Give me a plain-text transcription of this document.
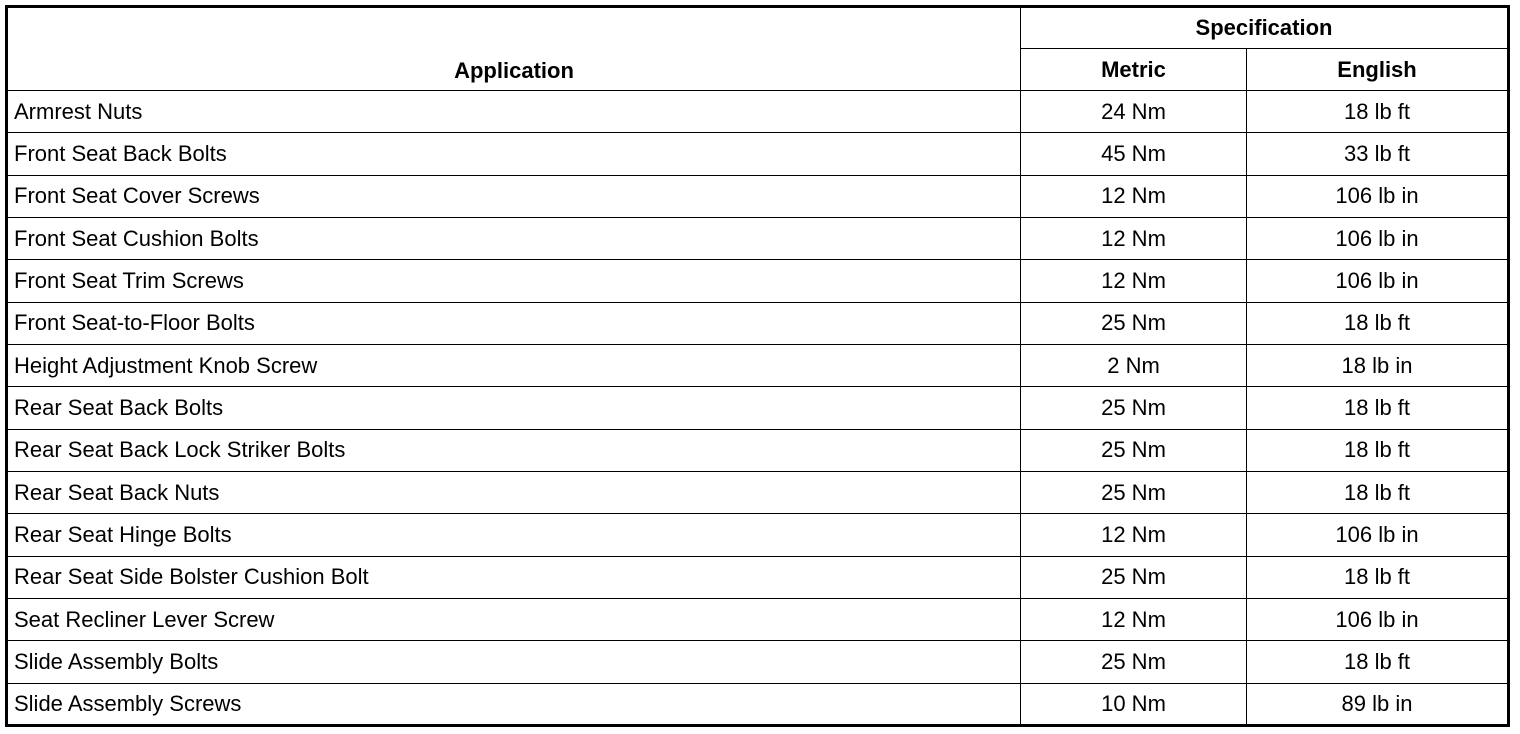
Application	Specification	
	Metric	English
Armrest Nuts	24 Nm	18 lb ft
Front Seat Back Bolts	45 Nm	33 lb ft
Front Seat Cover Screws	12 Nm	106 lb in
Front Seat Cushion Bolts	12 Nm	106 lb in
Front Seat Trim Screws	12 Nm	106 lb in
Front Seat-to-Floor Bolts	25 Nm	18 lb ft
Height Adjustment Knob Screw	2 Nm	18 lb in
Rear Seat Back Bolts	25 Nm	18 lb ft
Rear Seat Back Lock Striker Bolts	25 Nm	18 lb ft
Rear Seat Back Nuts	25 Nm	18 lb ft
Rear Seat Hinge Bolts	12 Nm	106 lb in
Rear Seat Side Bolster Cushion Bolt	25 Nm	18 lb ft
Seat Recliner Lever Screw	12 Nm	106 lb in
Slide Assembly Bolts	25 Nm	18 lb ft
Slide Assembly Screws	10 Nm	89 lb in
